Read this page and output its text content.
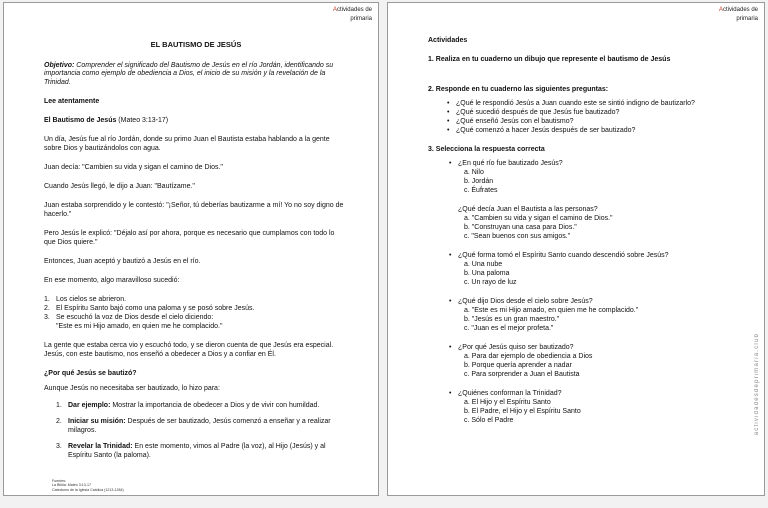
Actividades de
primaria
EL BAUTISMO DE JESÚS
Objetivo: Comprender el significado del Bautismo de Jesús en el río Jordán, identificando su importancia como ejemplo de obediencia a Dios, el inicio de su misión y la revelación de la Trinidad.
Lee atentamente
El Bautismo de Jesús (Mateo 3:13-17)

Un día, Jesús fue al río Jordán, donde su primo Juan el Bautista estaba hablando a la gente sobre Dios y bautizándolos con agua.

Juan decía: "Cambien su vida y sigan el camino de Dios."

Cuando Jesús llegó, le dijo a Juan: "Bautízame."

Juan estaba sorprendido y le contestó: "¡Señor, tú deberías bautizarme a mí! Yo no soy digno de hacerlo."

Pero Jesús le explicó: "Déjalo así por ahora, porque es necesario que cumplamos con todo lo que Dios quiere."

Entonces, Juan aceptó y bautizó a Jesús en el río.

En ese momento, algo maravilloso sucedió:

1. Los cielos se abrieron.
2. El Espíritu Santo bajó como una paloma y se posó sobre Jesús.
3. Se escuchó la voz de Dios desde el cielo diciendo:
"Este es mi Hijo amado, en quien me he complacido."

La gente que estaba cerca vio y escuchó todo, y se dieron cuenta de que Jesús era especial. Jesús, con este bautismo, nos enseñó a obedecer a Dios y a confiar en Él.

¿Por qué Jesús se bautizó?

Aunque Jesús no necesitaba ser bautizado, lo hizo para:

1. Dar ejemplo: Mostrar la importancia de obedecer a Dios y de vivir con humildad.
2. Iniciar su misión: Después de ser bautizado, Jesús comenzó a enseñar y a realizar milagros.
3. Revelar la Trinidad: En este momento, vimos al Padre (la voz), al Hijo (Jesús) y al Espíritu Santo (la paloma).
Fuentes:
La Biblia: Mateo 3:13-17
Catecismo de la Iglesia Católica (1213-1284)
Actividades de
primaria
actividadesdeprimaria.club
Actividades
1. Realiza en tu cuaderno un dibujo que represente el bautismo de Jesús
2. Responde en tu cuaderno las siguientes preguntas:
• ¿Qué le respondió Jesús a Juan cuando este se sintió indigno de bautizarlo?
• ¿Qué sucedió después de que Jesús fue bautizado?
• ¿Qué enseñó Jesús con el bautismo?
• ¿Qué comenzó a hacer Jesús después de ser bautizado?
3. Selecciona la respuesta correcta
• ¿En qué río fue bautizado Jesús?
a. Nilo
b. Jordán
c. Éufrates
¿Qué decía Juan el Bautista a las personas?
a. "Cambien su vida y sigan el camino de Dios."
b. "Construyan una casa para Dios."
c. "Sean buenos con sus amigos."
• ¿Qué forma tomó el Espíritu Santo cuando descendió sobre Jesús?
a. Una nube
b. Una paloma
c. Un rayo de luz
• ¿Qué dijo Dios desde el cielo sobre Jesús?
a. "Este es mi Hijo amado, en quien me he complacido."
b. "Jesús es un gran maestro."
c. "Juan es el mejor profeta."
• ¿Por qué Jesús quiso ser bautizado?
a. Para dar ejemplo de obediencia a Dios
b. Porque quería aprender a nadar
c. Para sorprender a Juan el Bautista
• ¿Quiénes conforman la Trinidad?
a. El Hijo y el Espíritu Santo
b. El Padre, el Hijo y el Espíritu Santo
c. Sólo el Padre
